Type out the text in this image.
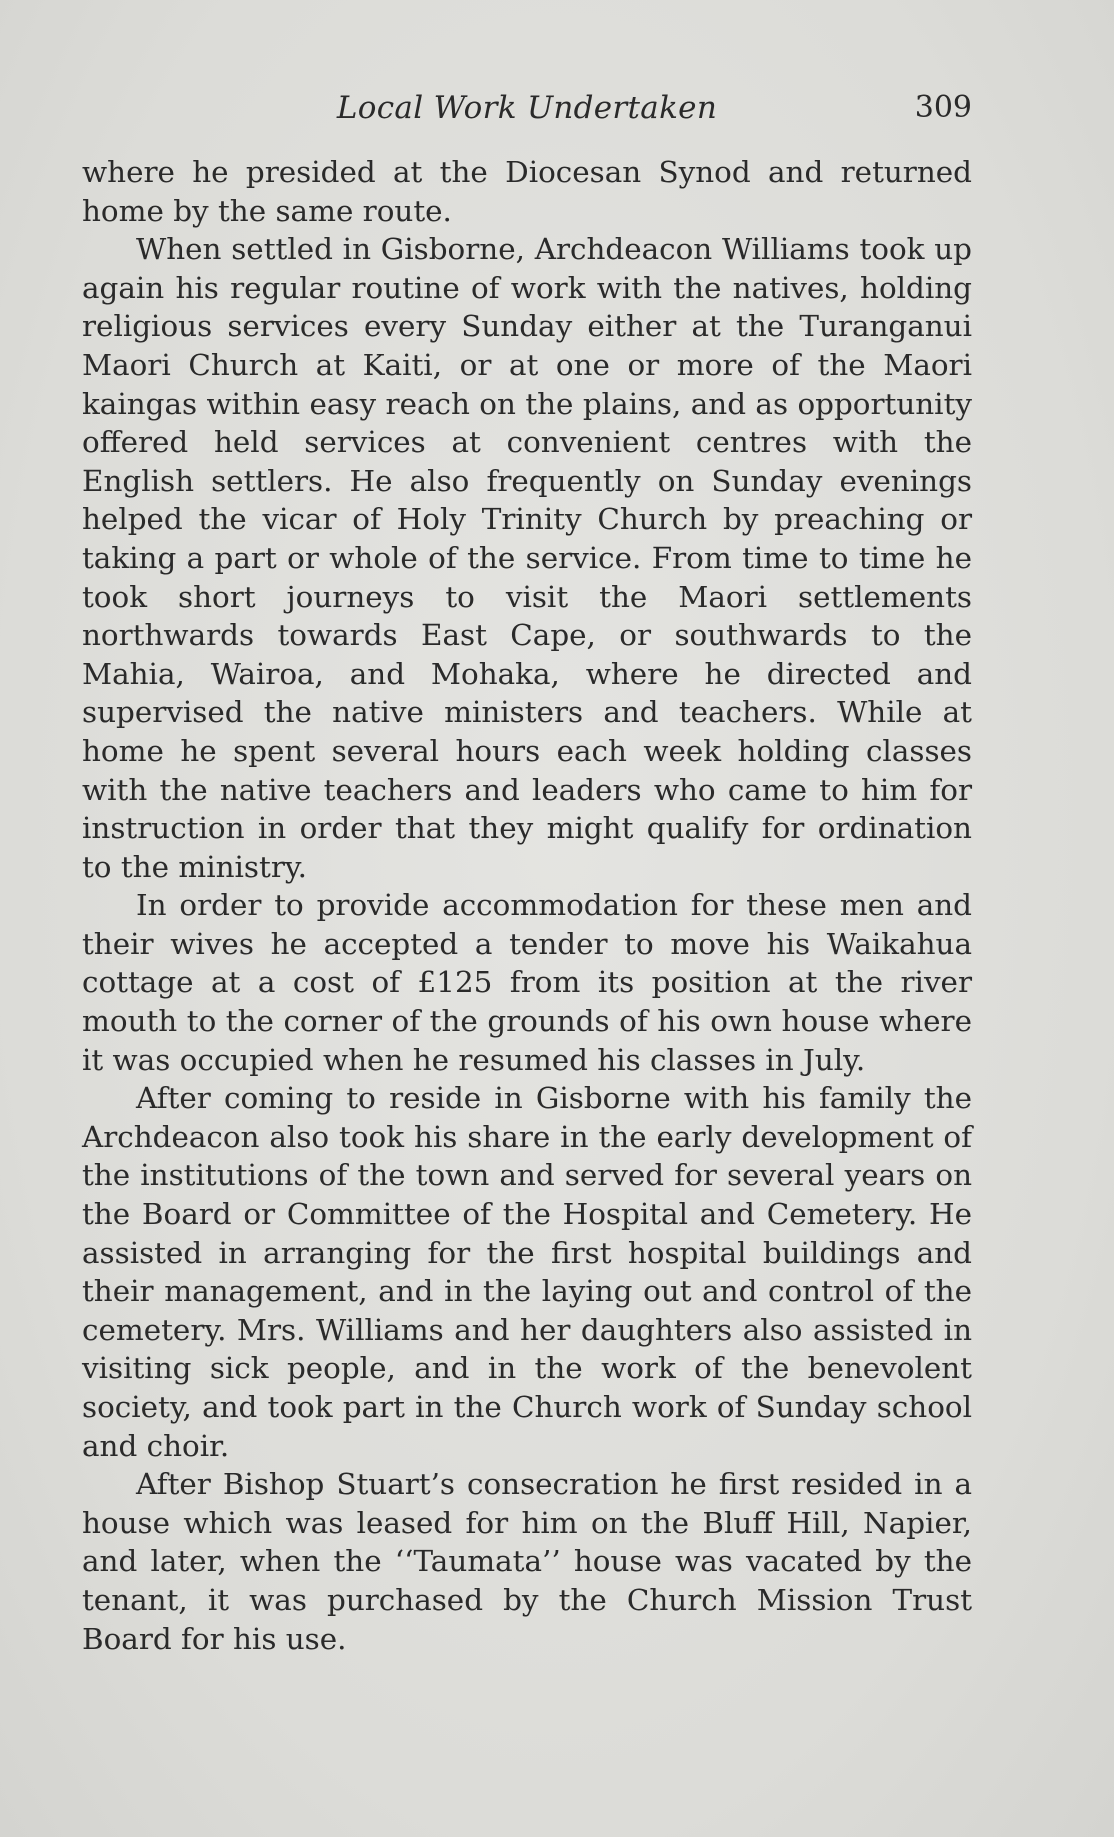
Local Work Undertaken	309

where he presided at the Diocesan Synod and returned home by the same route.

When settled in Gisborne, Archdeacon Williams took up again his regular routine of work with the natives, holding religious services every Sunday either at the Turanganui Maori Church at Kaiti, or at one or more of the Maori kaingas within easy reach on the plains, and as opportunity offered held services at convenient centres with the English settlers. He also frequently on Sunday evenings helped the vicar of Holy Trinity Church by preaching or taking a part or whole of the service. From time to time he took short journeys to visit the Maori settlements northwards towards East Cape, or southwards to the Mahia, Wairoa, and Mohaka, where he directed and supervised the native ministers and teachers. While at home he spent several hours each week holding classes with the native teachers and leaders who came to him for instruction in order that they might qualify for ordination to the ministry.

In order to provide accommodation for these men and their wives he accepted a tender to move his Waikahua cottage at a cost of £125 from its position at the river mouth to the corner of the grounds of his own house where it was occupied when he resumed his classes in July.

After coming to reside in Gisborne with his family the Archdeacon also took his share in the early development of the institutions of the town and served for several years on the Board or Committee of the Hospital and Cemetery. He assisted in arranging for the first hospital buildings and their management, and in the laying out and control of the cemetery. Mrs. Williams and her daughters also assisted in visiting sick people, and in the work of the benevolent society, and took part in the Church work of Sunday school and choir.

After Bishop Stuart’s consecration he first resided in a house which was leased for him on the Bluff Hill, Napier, and later, when the ‘‘Taumata’’ house was vacated by the tenant, it was purchased by the Church Mission Trust Board for his use.
